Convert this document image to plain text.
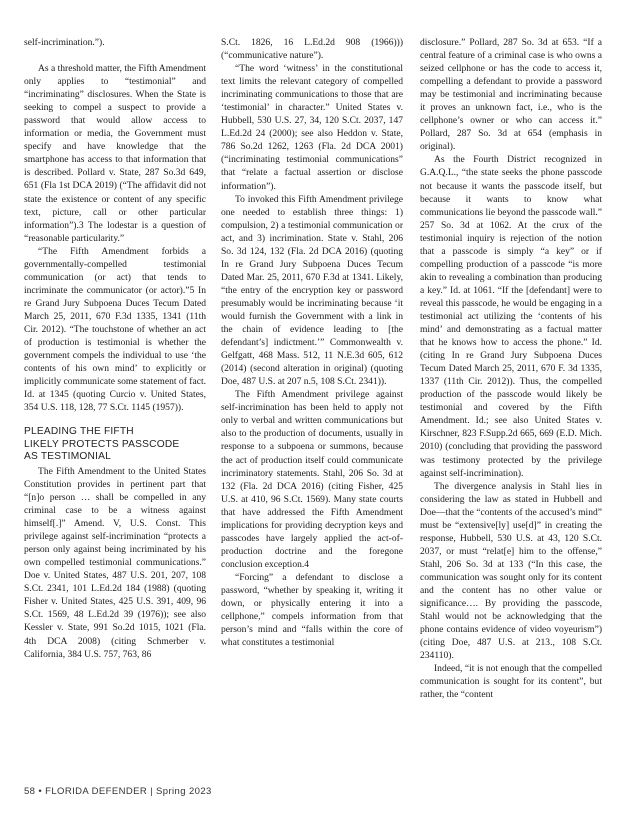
self-incrimination.”).

As a threshold matter, the Fifth Amendment only applies to “testimonial” and “incriminating” disclosures. When the State is seeking to compel a suspect to provide a password that would allow access to information or media, the Government must specify and have knowledge that the smartphone has access to that information that is described. Pollard v. State, 287 So.3d 649, 651 (Fla 1st DCA 2019) (“The affidavit did not state the existence or content of any specific text, picture, call or other particular information”).3 The lodestar is a question of “reasonable particularity.”

“The Fifth Amendment forbids a governmentally-compelled testimonial communication (or act) that tends to incriminate the communicator (or actor).”5 In re Grand Jury Subpoena Duces Tecum Dated March 25, 2011, 670 F.3d 1335, 1341 (11th Cir. 2012). “The touchstone of whether an act of production is testimonial is whether the government compels the individual to use ‘the contents of his own mind’ to explicitly or implicitly communicate some statement of fact. Id. at 1345 (quoting Curcio v. United States, 354 U.S. 118, 128, 77 S.Ct. 1145 (1957)).

PLEADING THE FIFTH
LIKELY PROTECTS PASSCODE
AS TESTIMONIAL

The Fifth Amendment to the United States Constitution provides in pertinent part that “[n]o person … shall be compelled in any criminal case to be a witness against himself[.]” Amend. V, U.S. Const. This privilege against self-incrimination “protects a person only against being incriminated by his own compelled testimonial communications.” Doe v. United States, 487 U.S. 201, 207, 108 S.Ct. 2341, 101 L.Ed.2d 184 (1988) (quoting Fisher v. United States, 425 U.S. 391, 409, 96 S.Ct. 1569, 48 L.Ed.2d 39 (1976)); see also Kessler v. State, 991 So.2d 1015, 1021 (Fla. 4th DCA 2008) (citing Schmerber v. California, 384 U.S. 757, 763, 86

S.Ct. 1826, 16 L.Ed.2d 908 (1966))) (“communicative nature”).

“The word ‘witness’ in the constitutional text limits the relevant category of compelled incriminating communications to those that are ‘testimonial’ in character.” United States v. Hubbell, 530 U.S. 27, 34, 120 S.Ct. 2037, 147 L.Ed.2d 24 (2000); see also Heddon v. State, 786 So.2d 1262, 1263 (Fla. 2d DCA 2001) (“incriminating testimonial communications” that “relate a factual assertion or disclose information”).

To invoked this Fifth Amendment privilege one needed to establish three things: 1) compulsion, 2) a testimonial communication or act, and 3) incrimination. State v. Stahl, 206 So. 3d 124, 132 (Fla. 2d DCA 2016) (quoting In re Grand Jury Subpoena Duces Tecum Dated Mar. 25, 2011, 670 F.3d at 1341. Likely, “the entry of the encryption key or password presumably would be incriminating because ‘it would furnish the Government with a link in the chain of evidence leading to [the defendant’s] indictment.’” Commonwealth v. Gelfgatt, 468 Mass. 512, 11 N.E.3d 605, 612 (2014) (second alteration in original) (quoting Doe, 487 U.S. at 207 n.5, 108 S.Ct. 2341)).

The Fifth Amendment privilege against self-incrimination has been held to apply not only to verbal and written communications but also to the production of documents, usually in response to a subpoena or summons, because the act of production itself could communicate incriminatory statements. Stahl, 206 So. 3d at 132 (Fla. 2d DCA 2016) (citing Fisher, 425 U.S. at 410, 96 S.Ct. 1569). Many state courts that have addressed the Fifth Amendment implications for providing decryption keys and passcodes have largely applied the act-of-production doctrine and the foregone conclusion exception.4

“Forcing” a defendant to disclose a password, “whether by speaking it, writing it down, or physically entering it into a cellphone,” compels information from that person’s mind and “falls within the core of what constitutes a testimonial

disclosure.” Pollard, 287 So. 3d at 653. “If a central feature of a criminal case is who owns a seized cellphone or has the code to access it, compelling a defendant to provide a password may be testimonial and incriminating because it proves an unknown fact, i.e., who is the cellphone’s owner or who can access it.” Pollard, 287 So. 3d at 654 (emphasis in original).

As the Fourth District recognized in G.A.Q.L., “the state seeks the phone passcode not because it wants the passcode itself, but because it wants to know what communications lie beyond the passcode wall.” 257 So. 3d at 1062. At the crux of the testimonial inquiry is rejection of the notion that a passcode is simply “a key” or if compelling production of a passcode “is more akin to revealing a combination than producing a key.” Id. at 1061. “If the [defendant] were to reveal this passcode, he would be engaging in a testimonial act utilizing the ‘contents of his mind’ and demonstrating as a factual matter that he knows how to access the phone.” Id. (citing In re Grand Jury Subpoena Duces Tecum Dated March 25, 2011, 670 F. 3d 1335, 1337 (11th Cir. 2012)). Thus, the compelled production of the passcode would likely be testimonial and covered by the Fifth Amendment. Id.; see also United States v. Kirschner, 823 F.Supp.2d 665, 669 (E.D. Mich. 2010) (concluding that providing the password was testimony protected by the privilege against self-incrimination).

The divergence analysis in Stahl lies in considering the law as stated in Hubbell and Doe—that the “contents of the accused’s mind” must be “extensive[ly] use[d]” in creating the response, Hubbell, 530 U.S. at 43, 120 S.Ct. 2037, or must “relat[e] him to the offense,” Stahl, 206 So. 3d at 133 (“In this case, the communication was sought only for its content and the content has no other value or significance…. By providing the passcode, Stahl would not be acknowledging that the phone contains evidence of video voyeurism”) (citing Doe, 487 U.S. at 213., 108 S.Ct. 234110).

Indeed, “it is not enough that the compelled communication is sought for its content”, but rather, the “content

58 • FLORIDA DEFENDER | Spring 2023
